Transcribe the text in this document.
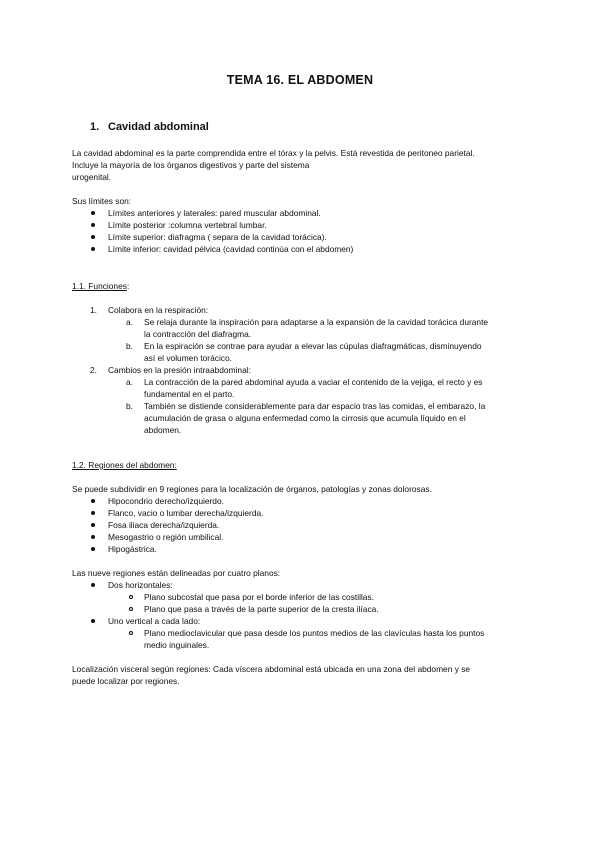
TEMA 16. EL ABDOMEN
1. Cavidad abdominal
La cavidad abdominal es la parte comprendida entre el tórax y la pelvis. Está revestida de peritoneo parietal.
Incluye la mayoría de los órganos digestivos y parte del sistema
urogenital.
Sus límites son:
Límites anteriores y laterales: pared muscular abdominal.
Límite posterior :columna vertebral lumbar.
Límite superior: diafragma ( separa de la cavidad torácica).
Límite inferior: cavidad pélvica (cavidad continúa con el abdomen)
1.1. Funciones:
1. Colabora en la respiración:
a. Se relaja durante la inspiración para adaptarse a la expansión de la cavidad torácica durante
la contracción del diafragma.
b. En la espiración se contrae para ayudar a elevar las cúpulas diafragmáticas, disminuyendo
así el volumen torácico.
2. Cambios en la presión intraabdominal:
a. La contracción de la pared abdominal ayuda a vaciar el contenido de la vejiga, el recto y es
fundamental en el parto.
b. También se distiende considerablemente para dar espacio tras las comidas, el embarazo, la
acumulación de grasa o alguna enfermedad como la cirrosis que acumula líquido en el
abdomen.
1.2. Regiones del abdomen:
Se puede subdividir en 9 regiones para la localización de órganos, patologías y zonas dolorosas.
Hipocondrio derecho/izquierdo.
Flanco, vacio o lumbar derecha/izquierda.
Fosa iliaca derecha/izquierda.
Mesogastrio o región umbilical.
Hipogástrica.
Las nueve regiones están delineadas por cuatro planos:
Dos horizontales:
Plano subcostal que pasa por el borde inferior de las costillas.
Plano que pasa a través de la parte superior de la cresta ilíaca.
Uno vertical a cada lado:
Plano medioclavicular que pasa desde los puntos medios de las clavículas hasta los puntos
medio inguinales.
Localización visceral según regiones: Cada víscera abdominal está ubicada en una zona del abdomen y se
puede localizar por regiones.
